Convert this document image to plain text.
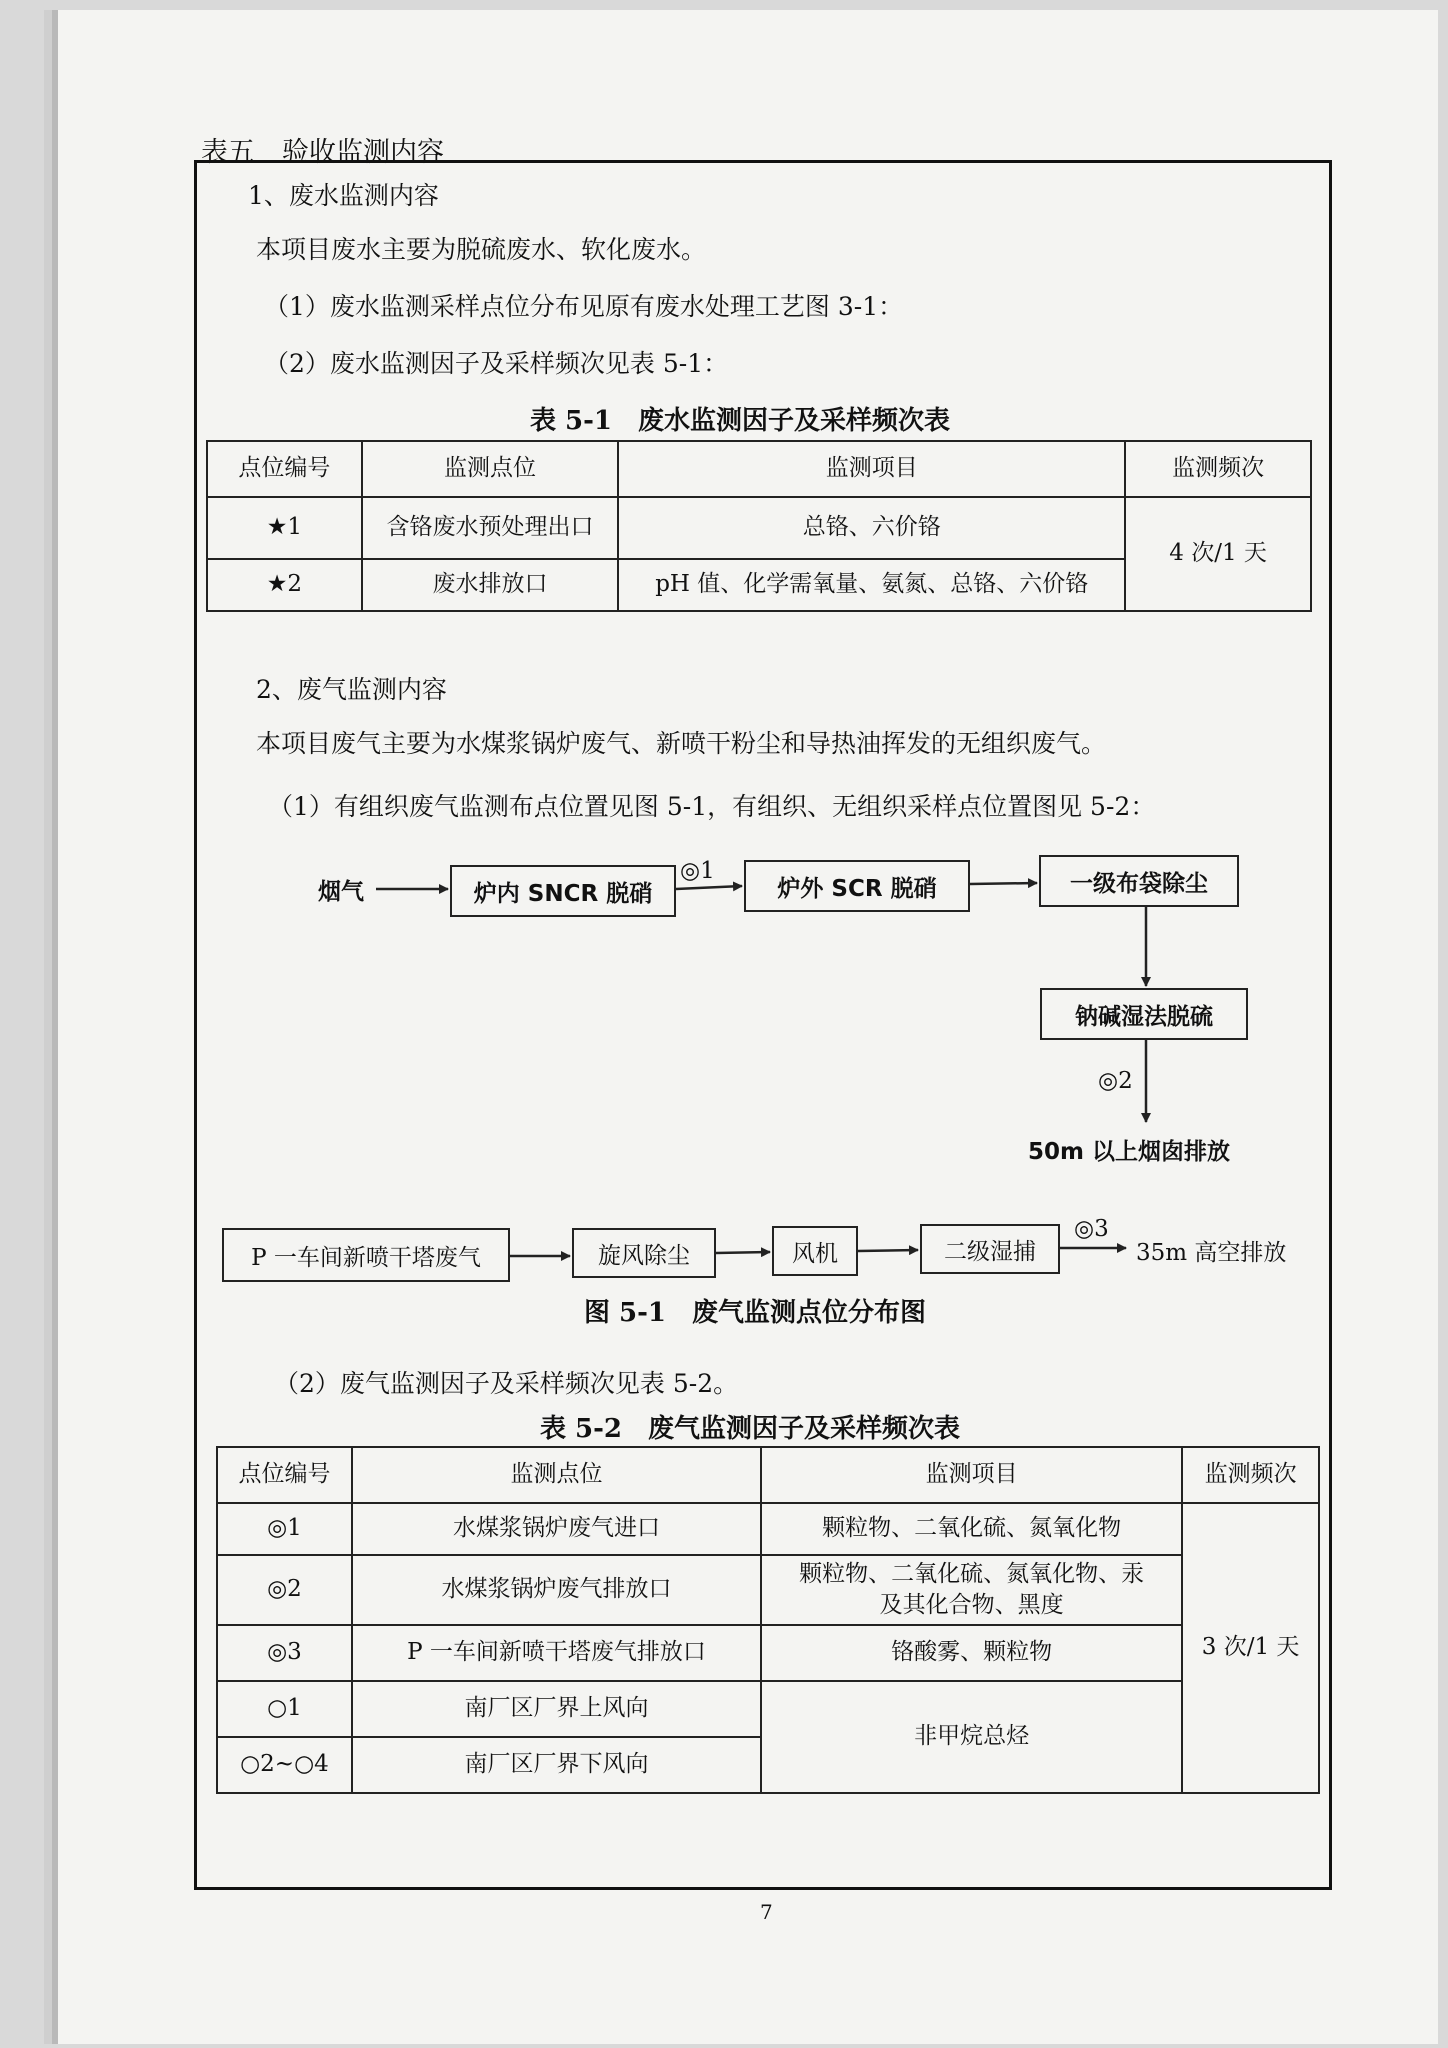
表五　验收监测内容
1、废水监测内容
本项目废水主要为脱硫废水、软化废水。
（1）废水监测采样点位分布见原有废水处理工艺图 3-1：
（2）废水监测因子及采样频次见表 5-1：
表 5-1　废水监测因子及采样频次表
点位编号	监测点位	监测项目	监测频次
★1	含铬废水预处理出口	总铬、六价铬	4 次/1 天
★2	废水排放口	pH 值、化学需氧量、氨氮、总铬、六价铬	
2、废气监测内容
本项目废气主要为水煤浆锅炉废气、新喷干粉尘和导热油挥发的无组织废气。
（1）有组织废气监测布点位置见图 5-1，有组织、无组织采样点位置图见 5-2：
烟气	炉内 SNCR 脱硝
◎1
炉外 SCR 脱硝	一级布袋除尘
钠碱湿法脱硫
◎2
50m 以上烟囱排放
P 一车间新喷干塔废气	旋风除尘	风机	二级湿捕
◎3
35m 高空排放
图 5-1　废气监测点位分布图
（2）废气监测因子及采样频次见表 5-2。
表 5-2　废气监测因子及采样频次表
点位编号	监测点位	监测项目	监测频次
◎1	水煤浆锅炉废气进口	颗粒物、二氧化硫、氮氧化物	3 次/1 天
◎2	水煤浆锅炉废气排放口	颗粒物、二氧化硫、氮氧化物、汞
及其化合物、黑度	

◎3	P 一车间新喷干塔废气排放口	铬酸雾、颗粒物	
○1	南厂区厂界上风向	非甲烷总烃	
○2~○4	南厂区厂界下风向		
7
